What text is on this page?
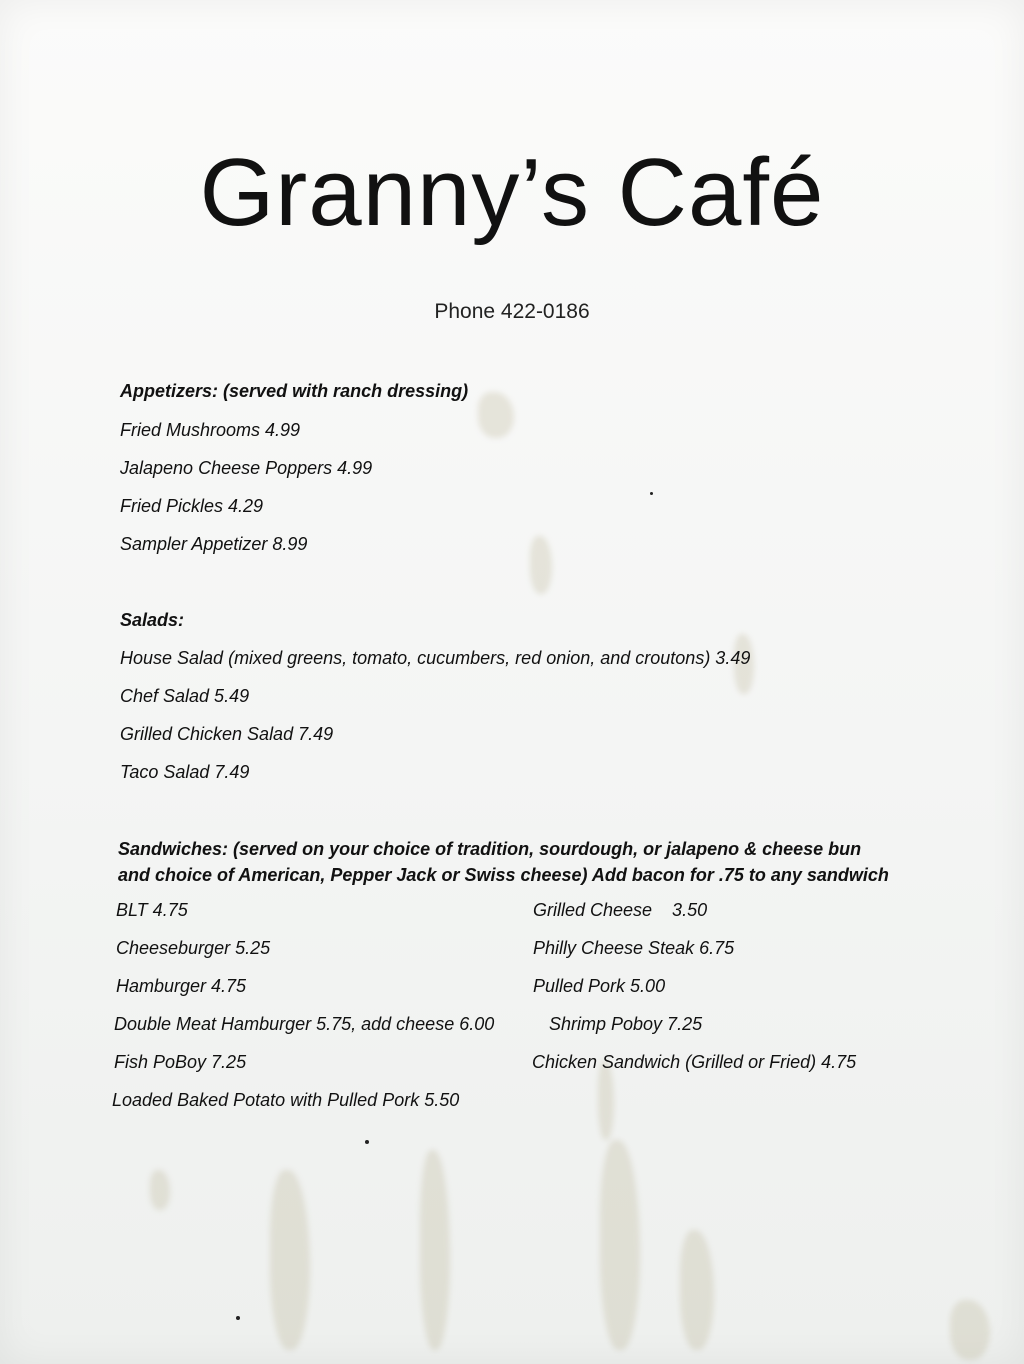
Granny’s Café
Phone 422-0186
Appetizers: (served with ranch dressing)
Fried Mushrooms 4.99
Jalapeno Cheese Poppers 4.99
Fried Pickles 4.29
Sampler Appetizer 8.99
Salads:
House Salad (mixed greens, tomato, cucumbers, red onion, and croutons) 3.49
Chef Salad 5.49
Grilled Chicken Salad 7.49
Taco Salad 7.49
Sandwiches: (served on your choice of tradition, sourdough, or jalapeno & cheese bun and choice of American, Pepper Jack or Swiss cheese) Add bacon for .75 to any sandwich
BLT 4.75
Cheeseburger 5.25
Hamburger 4.75
Double Meat Hamburger 5.75, add cheese 6.00
Fish PoBoy 7.25
Loaded Baked Potato with Pulled Pork 5.50
Grilled Cheese    3.50
Philly Cheese Steak 6.75
Pulled Pork 5.00
Shrimp Poboy 7.25
Chicken Sandwich (Grilled or Fried) 4.75
